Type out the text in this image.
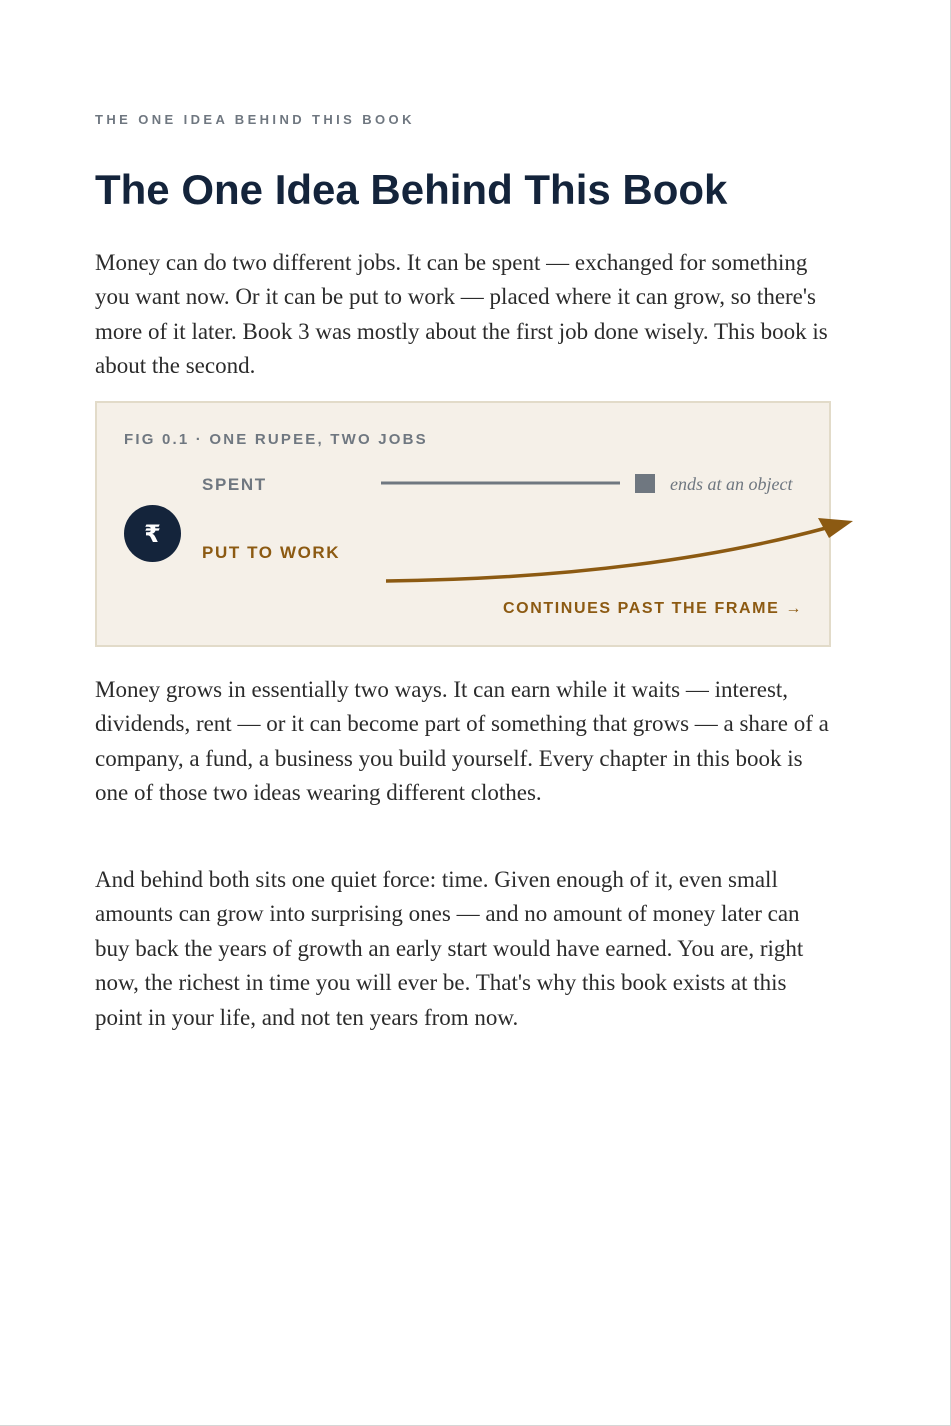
THE ONE IDEA BEHIND THIS BOOK
The One Idea Behind This Book

Money can do two different jobs. It can be spent — exchanged for something you want now. Or it can be put to work — placed where it can grow, so there's more of it later. Book 3 was mostly about the first job done wisely. This book is about the second.

FIG 0.1 · ONE RUPEE, TWO JOBS
₹
SPENT
PUT TO WORK
ends at an object
CONTINUES PAST THE FRAME →

Money grows in essentially two ways. It can earn while it waits — interest, dividends, rent — or it can become part of something that grows — a share of a company, a fund, a business you build yourself. Every chapter in this book is one of those two ideas wearing different clothes.

And behind both sits one quiet force: time. Given enough of it, even small amounts can grow into surprising ones — and no amount of money later can buy back the years of growth an early start would have earned. You are, right now, the richest in time you will ever be. That's why this book exists at this point in your life, and not ten years from now.
